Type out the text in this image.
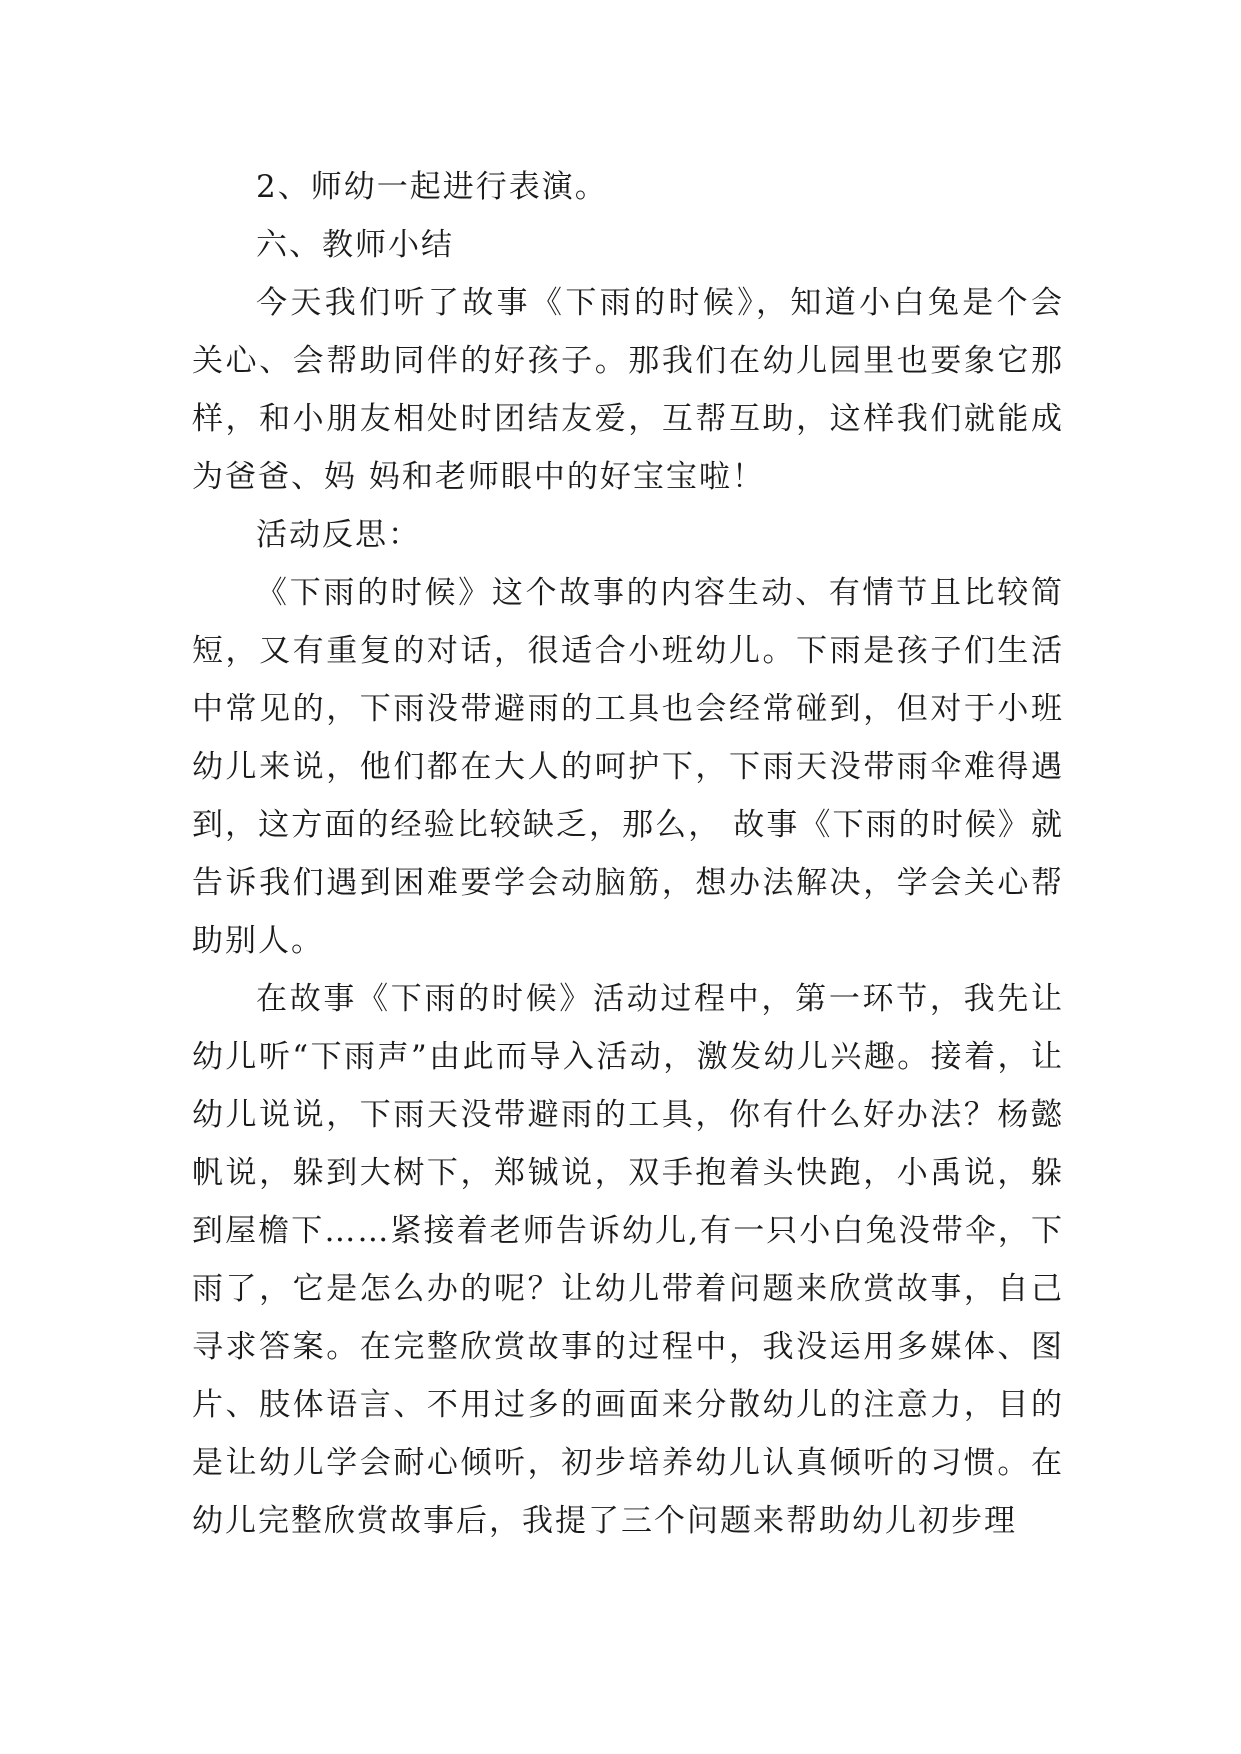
2、师幼一起进行表演。

六、教师小结

今天我们听了故事《下雨的时候》，知道小白兔是个会关心、会帮助同伴的好孩子。那我们在幼儿园里也要象它那样，和小朋友相处时团结友爱，互帮互助，这样我们就能成为爸爸、妈 妈和老师眼中的好宝宝啦！

活动反思：

《下雨的时候》这个故事的内容生动、有情节且比较简短，又有重复的对话，很适合小班幼儿。下雨是孩子们生活中常见的，下雨没带避雨的工具也会经常碰到，但对于小班幼儿来说，他们都在大人的呵护下，下雨天没带雨伞难得遇到，这方面的经验比较缺乏，那么， 故事《下雨的时候》就告诉我们遇到困难要学会动脑筋，想办法解决，学会关心帮助别人。

在故事《下雨的时候》活动过程中，第一环节，我先让幼儿听“下雨声”由此而导入活动，激发幼儿兴趣。接着，让幼儿说说，下雨天没带避雨的工具，你有什么好办法？杨懿帆说，躲到大树下，郑铖说，双手抱着头快跑，小禹说，躲到屋檐下……紧接着老师告诉幼儿,有一只小白兔没带伞，下雨了，它是怎么办的呢？让幼儿带着问题来欣赏故事，自己寻求答案。在完整欣赏故事的过程中，我没运用多媒体、图片、肢体语言、不用过多的画面来分散幼儿的注意力，目的是让幼儿学会耐心倾听，初步培养幼儿认真倾听的习惯。在幼儿完整欣赏故事后，我提了三个问题来帮助幼儿初步理
